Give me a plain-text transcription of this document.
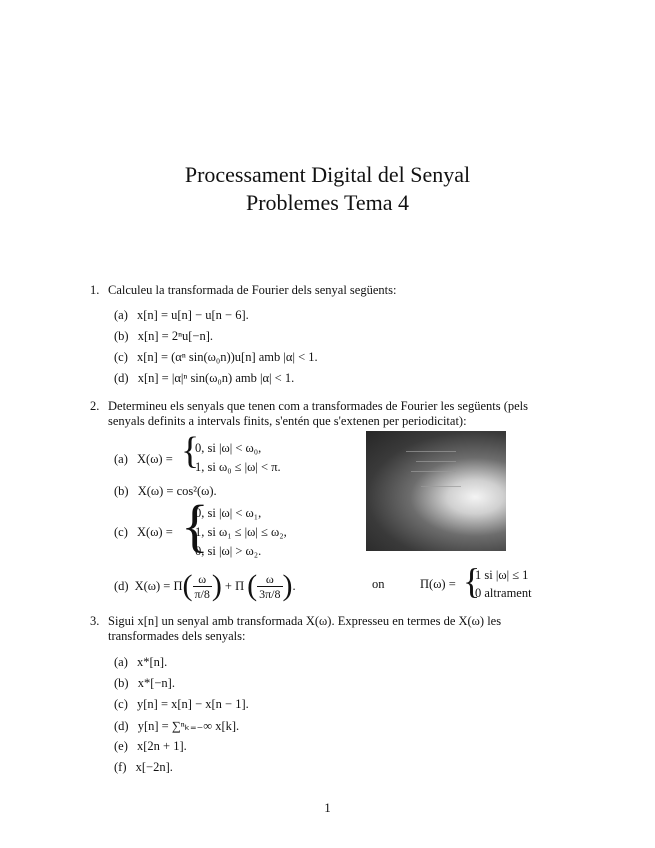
Processament Digital del Senyal
Problemes Tema 4
1. Calculeu la transformada de Fourier dels senyal següents:
(a) x[n] = u[n] − u[n − 6].
(b) x[n] = 2ⁿu[−n].
(c) x[n] = (αⁿ sin(ω₀n))u[n] amb |α| < 1.
(d) x[n] = |α|ⁿ sin(ω₀n) amb |α| < 1.
2. Determineu els senyals que tenen com a transformades de Fourier les següents (pels
senyals definits a intervals finits, s'entén que s'extenen per periodicitat):
(a) X(ω) = {
0, si |ω| < ω₀,
1, si ω₀ ≤ |ω| < π.
(b) X(ω) = cos²(ω).
(c) X(ω) = {
0, si |ω| < ω₁,
1, si ω₁ ≤ |ω| ≤ ω₂,
0, si |ω| > ω₂.
(d) X(ω) = Π ( $\frac{\omega}{\pi/8}$ ) + Π ( $\frac{\omega}{3\pi/8}$ ) .	on	Π(ω) = {
1 si |ω| ≤ 1
0 altrament
3. Sigui x[n] un senyal amb transformada X(ω). Expresseu en termes de X(ω) les
transformades dels senyals:
(a) x*[n].
(b) x*[−n].
(c) y[n] = x[n] − x[n − 1].
(d) y[n] = ∑ⁿₖ₌₋∞ x[k].
(e) x[2n + 1].
(f) x[−2n].
1
